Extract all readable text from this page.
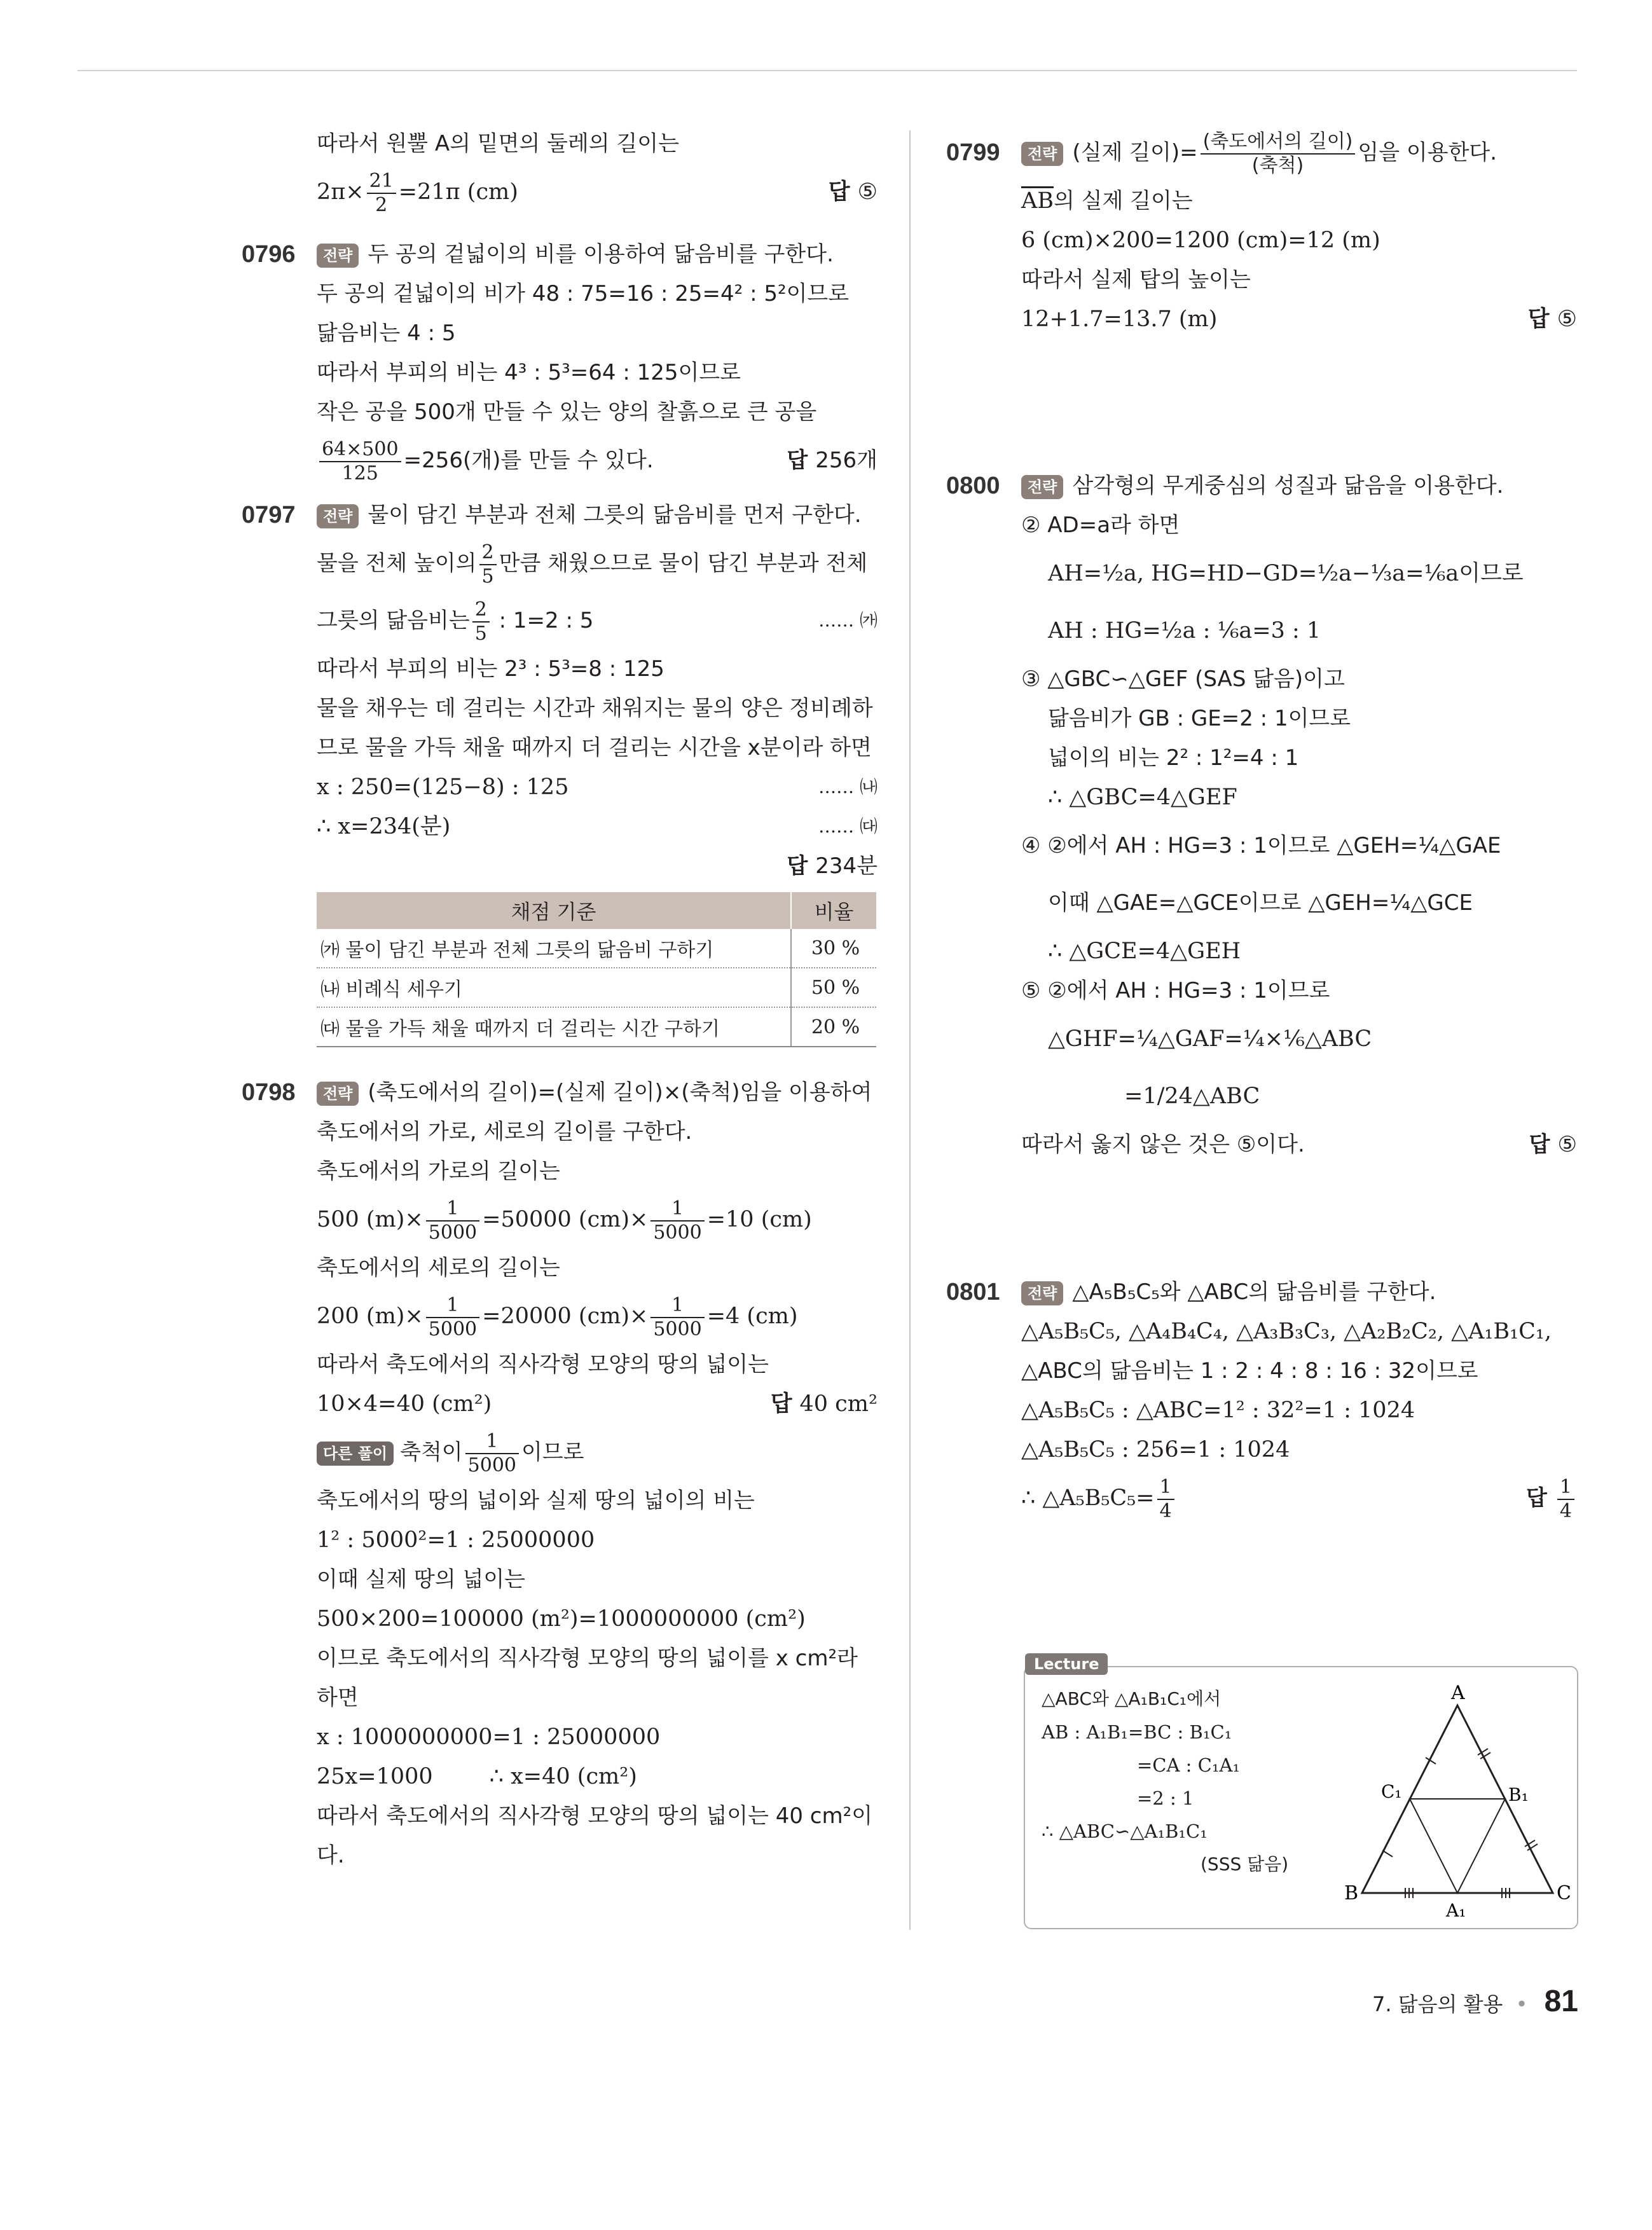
따라서 원뿔 A의 밑면의 둘레의 길이는
$2\pi\times \frac{21}{2} =21\pi$ (cm)	답 ⑤
0796	전략 두 공의 겉넓이의 비를 이용하여 닮음비를 구한다.
두 공의 겉넓이의 비가 48 : 75=16 : 25=4² : 5²이므로
닮음비는 4 : 5
따라서 부피의 비는 4³ : 5³=64 : 125이므로
작은 공을 500개 만들 수 있는 양의 찰흙으로 큰 공을
$\frac{64\times 500}{125} =256$(개)를 만들 수 있다.	답 256개
0797	전략 물이 담긴 부분과 전체 그릇의 닮음비를 먼저 구한다.
물을 전체 높이의 $\frac{2}{5}$ 만큼 채웠으므로 물이 담긴 부분과 전체
그릇의 닮음비는 $\frac{2}{5}$ : 1=2 : 5	…… ㈎
따라서 부피의 비는 2³ : 5³=8 : 125
물을 채우는 데 걸리는 시간과 채워지는 물의 양은 정비례하
므로 물을 가득 채울 때까지 더 걸리는 시간을 x분이라 하면
x : 250=(125−8) : 125	…… ㈏
∴ x=234(분)	…… ㈐
답 234분
채점 기준	비율
㈎ 물이 담긴 부분과 전체 그릇의 닮음비 구하기	30 %
㈏ 비례식 세우기	50 %
㈐ 물을 가득 채울 때까지 더 걸리는 시간 구하기	20 %
0798	전략 (축도에서의 길이)=(실제 길이)×(축척)임을 이용하여
축도에서의 가로, 세로의 길이를 구한다.
축도에서의 가로의 길이는
500 $(m)\times \frac{1}{5000} =50000$ $(cm)\times \frac{1}{5000} =10$ (cm)
축도에서의 세로의 길이는
200 $(m)\times \frac{1}{5000} =20000$ $(cm)\times \frac{1}{5000} =4$ (cm)
따라서 축도에서의 직사각형 모양의 땅의 넓이는
10×4=40 (cm²)	답 40 cm²
다른 풀이 축척이 $\frac{1}{5000}$ 이므로
축도에서의 땅의 넓이와 실제 땅의 넓이의 비는
1² : 5000²=1 : 25000000
이때 실제 땅의 넓이는
500×200=100000 (m²)=1000000000 (cm²)
이므로 축도에서의 직사각형 모양의 땅의 넓이를 x cm²라
하면
x : 1000000000=1 : 25000000
25x=1000        ∴ x=40 (cm²)
따라서 축도에서의 직사각형 모양의 땅의 넓이는 40 cm²이
다.
0799	전략 (실제 길이)= $\frac{\text{(축도에서의 길이)}}{\text{(축척)}}$ 임을 이용한다.
$\overline{AB}$의 실제 길이는
6 (cm)×200=1200 (cm)=12 (m)
따라서 실제 탑의 높이는
12+1.7=13.7 (m)	답 ⑤
0800	전략 삼각형의 무게중심의 성질과 닮음을 이용한다.
② AD=a라 하면
AH=½a, HG=HD−GD=½a−⅓a=⅙a이므로
AH : HG=½a : ⅙a=3 : 1
③ △GBC∽△GEF (SAS 닮음)이고
닮음비가 GB : GE=2 : 1이므로
넓이의 비는 2² : 1²=4 : 1
∴ △GBC=4△GEF
④ ②에서 AH : HG=3 : 1이므로 △GEH=¼△GAE
이때 △GAE=△GCE이므로 △GEH=¼△GCE
∴ △GCE=4△GEH
⑤ ②에서 AH : HG=3 : 1이므로
△GHF=¼△GAF=¼×⅙△ABC
=1/24△ABC
따라서 옳지 않은 것은 ⑤이다.	답 ⑤
0801	전략 △A₅B₅C₅와 △ABC의 닮음비를 구한다.
△A₅B₅C₅, △A₄B₄C₄, △A₃B₃C₃, △A₂B₂C₂, △A₁B₁C₁,
△ABC의 닮음비는 1 : 2 : 4 : 8 : 16 : 32이므로
△A₅B₅C₅ : △ABC=1² : 32²=1 : 1024
△A₅B₅C₅ : 256=1 : 1024
∴ △A₅B₅C₅= $\frac{1}{4}$	답 $\frac{1}{4}$
△ABC와 △A₁B₁C₁에서
AB : A₁B₁=BC : B₁C₁
=CA : C₁A₁
=2 : 1
∴ △ABC∽△A₁B₁C₁
(SSS 닮음)
A
B	C
A₁
B₁
C₁
Lecture
7. 닮음의 활용 • 81
